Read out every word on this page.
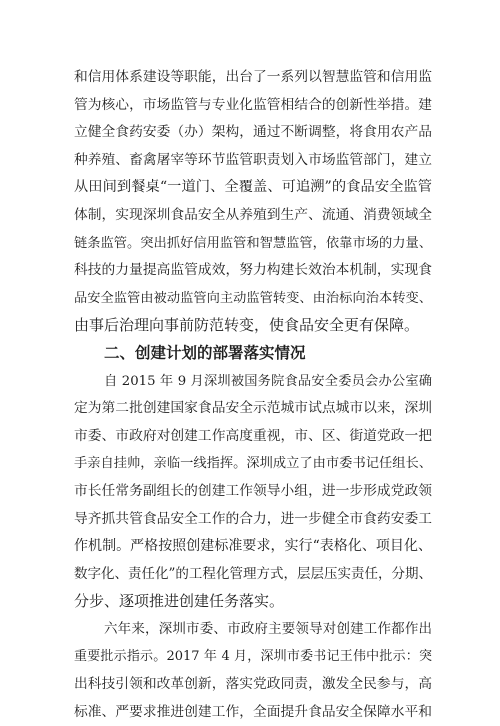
和信用体系建设等职能，出台了一系列以智慧监管和信用监
管为核心，市场监管与专业化监管相结合的创新性举措。建
立健全食药安委（办）架构，通过不断调整，将食用农产品
种养殖、畜禽屠宰等环节监管职责划入市场监管部门，建立
从田间到餐桌“一道门、全覆盖、可追溯”的食品安全监管
体制，实现深圳食品安全从养殖到生产、流通、消费领域全
链条监管。突出抓好信用监管和智慧监管，依靠市场的力量、
科技的力量提高监管成效，努力构建长效治本机制，实现食
品安全监管由被动监管向主动监管转变、由治标向治本转变、
由事后治理向事前防范转变，使食品安全更有保障。
二、创建计划的部署落实情况
自 2015 年 9 月深圳被国务院食品安全委员会办公室确
定为第二批创建国家食品安全示范城市试点城市以来，深圳
市委、市政府对创建工作高度重视，市、区、街道党政一把
手亲自挂帅，亲临一线指挥。深圳成立了由市委书记任组长、
市长任常务副组长的创建工作领导小组，进一步形成党政领
导齐抓共管食品安全工作的合力，进一步健全市食药安委工
作机制。严格按照创建标准要求，实行“表格化、项目化、
数字化、责任化”的工程化管理方式，层层压实责任，分期、
分步、逐项推进创建任务落实。
六年来，深圳市委、市政府主要领导对创建工作都作出
重要批示指示。2017 年 4 月，深圳市委书记王伟中批示：突
出科技引领和改革创新，落实党政同责，激发全民参与，高
标准、严要求推进创建工作，全面提升食品安全保障水平和
